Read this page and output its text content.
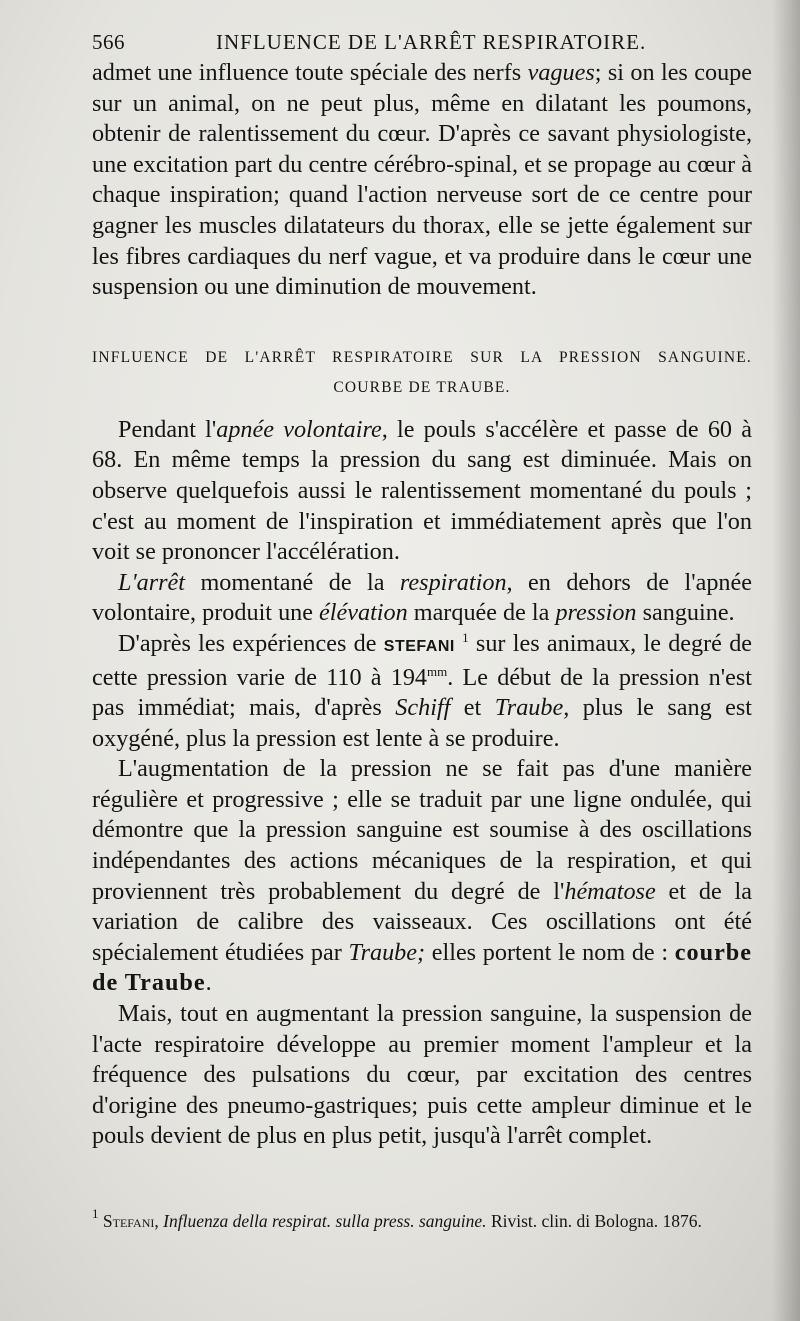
566	INFLUENCE DE L'ARRÊT RESPIRATOIRE.

admet une influence toute spéciale des nerfs vagues; si on les coupe sur un animal, on ne peut plus, même en dilatant les poumons, obtenir de ralentissement du cœur. D'après ce savant physiologiste, une excitation part du centre cérébro-spinal, et se propage au cœur à chaque inspiration; quand l'action nerveuse sort de ce centre pour gagner les muscles dilatateurs du thorax, elle se jette également sur les fibres cardiaques du nerf vague, et va produire dans le cœur une suspension ou une diminution de mouvement.

INFLUENCE DE L'ARRÊT RESPIRATOIRE SUR LA PRESSION SANGUINE.
COURBE DE TRAUBE.

Pendant l'apnée volontaire, le pouls s'accélère et passe de 60 à 68. En même temps la pression du sang est diminuée. Mais on observe quelquefois aussi le ralentissement momentané du pouls ; c'est au moment de l'inspiration et immédiatement après que l'on voit se prononcer l'accélération.

L'arrêt momentané de la respiration, en dehors de l'apnée volontaire, produit une élévation marquée de la pression sanguine.

D'après les expériences de STEFANI $^1$ sur les animaux, le degré de cette pression varie de 110 à $194^{mm}$. Le début de la pression n'est pas immédiat; mais, d'après Schiff et Traube, plus le sang est oxygéné, plus la pression est lente à se produire.

L'augmentation de la pression ne se fait pas d'une manière régulière et progressive ; elle se traduit par une ligne ondulée, qui démontre que la pression sanguine est soumise à des oscillations indépendantes des actions mécaniques de la respiration, et qui proviennent très probablement du degré de l'hématose et de la variation de calibre des vaisseaux. Ces oscillations ont été spécialement étudiées par Traube; elles portent le nom de : courbe de Traube.

Mais, tout en augmentant la pression sanguine, la suspension de l'acte respiratoire développe au premier moment l'ampleur et la fréquence des pulsations du cœur, par excitation des centres d'origine des pneumo-gastriques; puis cette ampleur diminue et le pouls devient de plus en plus petit, jusqu'à l'arrêt complet.

$^1$ Stefani, Influenza della respirat. sulla press. sanguine. Rivist. clin. di Bologna. 1876.
